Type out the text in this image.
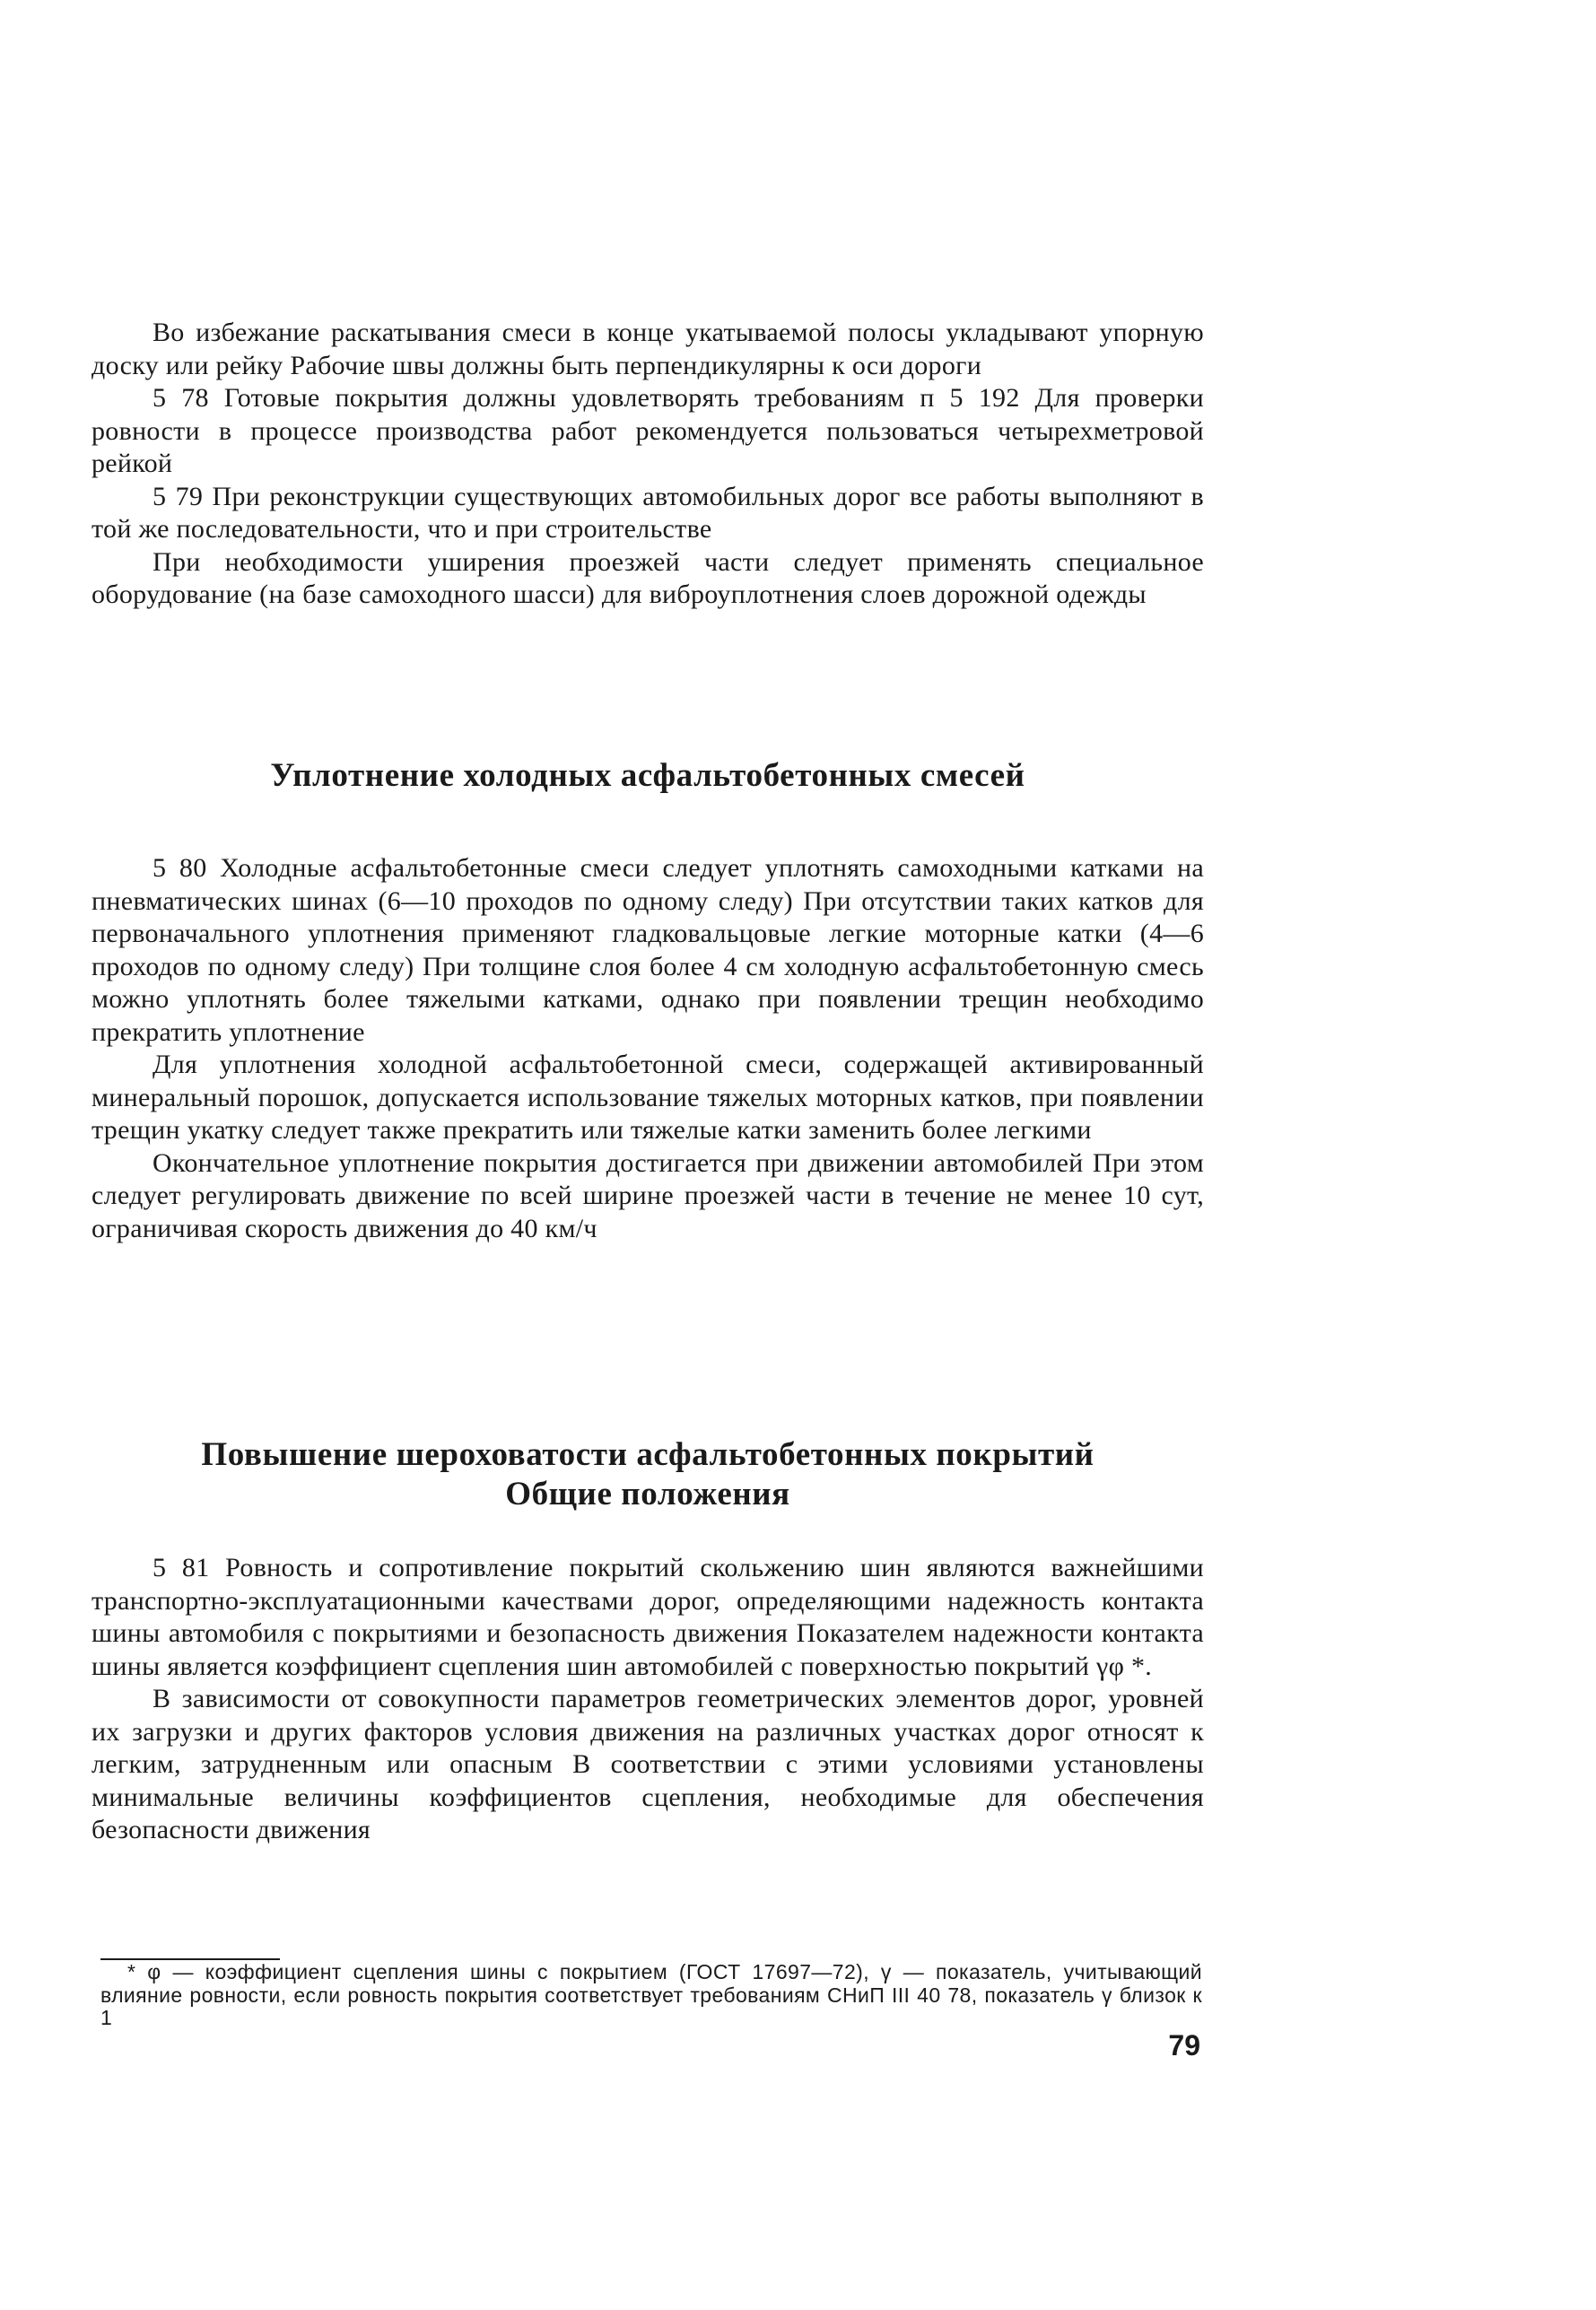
Во избежание раскатывания смеси в конце укатываемой полосы укладывают упорную доску или рейку Рабочие швы должны быть перпендикулярны к оси дороги

5 78 Готовые покрытия должны удовлетворять требованиям п 5 192 Для проверки ровности в процессе производства работ рекомендуется пользоваться четырехметровой рейкой

5 79 При реконструкции существующих автомобильных дорог все работы выполняют в той же последовательности, что и при строительстве

При необходимости уширения проезжей части следует применять специальное оборудование (на базе самоходного шасси) для виброуплотнения слоев дорожной одежды

Уплотнение холодных асфальтобетонных смесей

5 80 Холодные асфальтобетонные смеси следует уплотнять самоходными катками на пневматических шинах (6—10 проходов по одному следу) При отсутствии таких катков для первоначального уплотнения применяют гладковальцовые легкие моторные катки (4—6 проходов по одному следу) При толщине слоя более 4 см холодную асфальтобетонную смесь можно уплотнять более тяжелыми катками, однако при появлении трещин необходимо прекратить уплотнение

Для уплотнения холодной асфальтобетонной смеси, содержащей активированный минеральный порошок, допускается использование тяжелых моторных катков, при появлении трещин укатку следует также прекратить или тяжелые катки заменить более легкими

Окончательное уплотнение покрытия достигается при движении автомобилей При этом следует регулировать движение по всей ширине проезжей части в течение не менее 10 сут, ограничивая скорость движения до 40 км/ч

Повышение шероховатости асфальтобетонных покрытий
Общие положения

5 81 Ровность и сопротивление покрытий скольжению шин являются важнейшими транспортно-эксплуатационными качествами дорог, определяющими надежность контакта шины автомобиля с покрытиями и безопасность движения Показателем надежности контакта шины является коэффициент сцепления шин автомобилей с поверхностью покрытий γφ *.

В зависимости от совокупности параметров геометрических элементов дорог, уровней их загрузки и других факторов условия движения на различных участках дорог относят к легким, затрудненным или опасным В соответствии с этими условиями установлены минимальные величины коэффициентов сцепления, необходимые для обеспечения безопасности движения

* φ — коэффициент сцепления шины с покрытием (ГОСТ 17697—72), γ — показатель, учитывающий влияние ровности, если ровность покрытия соответствует требованиям СНиП III 40 78, показатель γ близок к 1

79
